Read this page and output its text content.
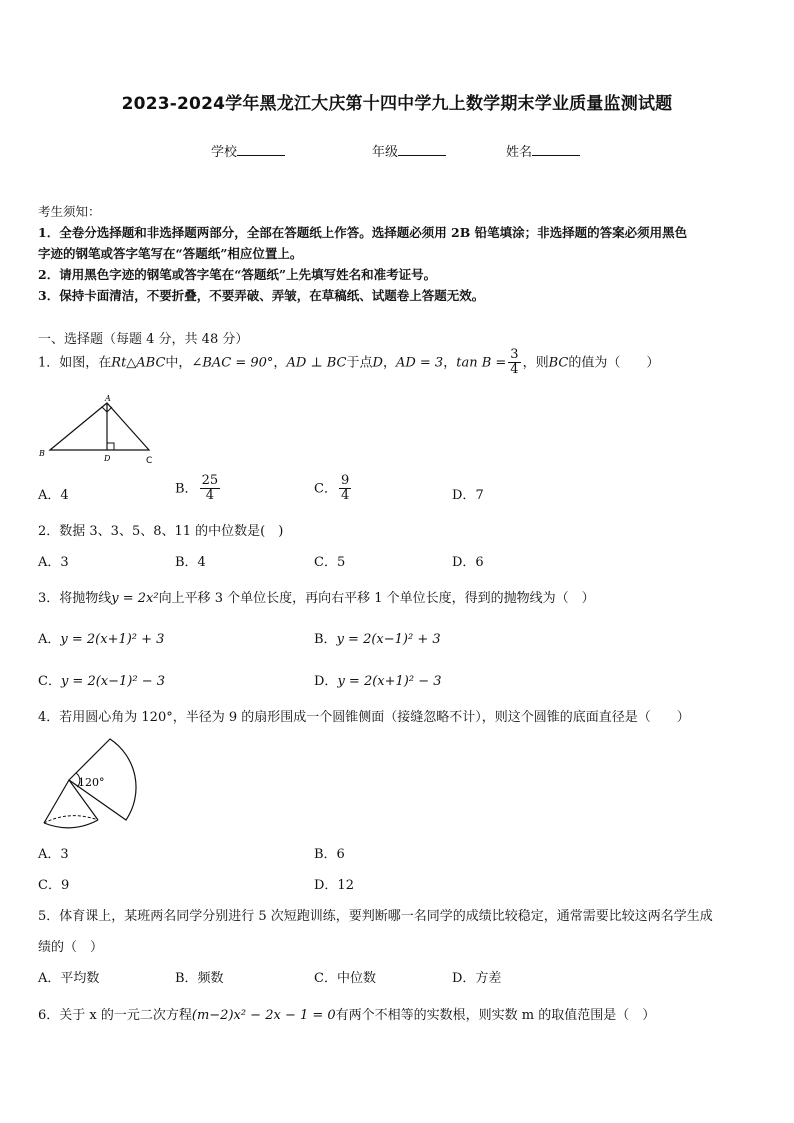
2023-2024学年黑龙江大庆第十四中学九上数学期末学业质量监测试题
学校	年级	姓名
考生须知：
1．全卷分选择题和非选择题两部分，全部在答题纸上作答。选择题必须用 2B 铅笔填涂；非选择题的答案必须用黑色
字迹的钢笔或答字笔写在“答题纸”相应位置上。
2．请用黑色字迹的钢笔或答字笔在“答题纸”上先填写姓名和准考证号。
3．保持卡面清洁，不要折叠，不要弄破、弄皱，在草稿纸、试题卷上答题无效。
一、选择题（每题 4 分，共 48 分）
1．如图，在Rt△ABC中，∠BAC = 90°，AD ⊥ BC于点D，AD = 3，$\tan B = \frac{3}{4}$ ，则BC的值为（　　）
A
B
D	C
A．4	B． $\frac{25}{4}$	C． $\frac{9}{4}$	D．7
2．数据 3、3、5、8、11 的中位数是(　)
A．3	B．4	C．5	D．6
3．将抛物线y = 2x²向上平移 3 个单位长度，再向右平移 1 个单位长度，得到的抛物线为（　）
A．y = 2(x+1)² + 3	B．y = 2(x−1)² + 3
C．y = 2(x−1)² − 3	D．y = 2(x+1)² − 3
4．若用圆心角为 120°，半径为 9 的扇形围成一个圆锥侧面（接缝忽略不计），则这个圆锥的底面直径是（　　）
120°
A．3	B．6
C．9	D．12
5．体育课上，某班两名同学分别进行 5 次短跑训练，要判断哪一名同学的成绩比较稳定，通常需要比较这两名学生成
绩的（　）
A．平均数	B．频数	C．中位数	D．方差
6．关于 x 的一元二次方程(m−2)x² − 2x − 1 = 0有两个不相等的实数根，则实数 m 的取值范围是（　）
